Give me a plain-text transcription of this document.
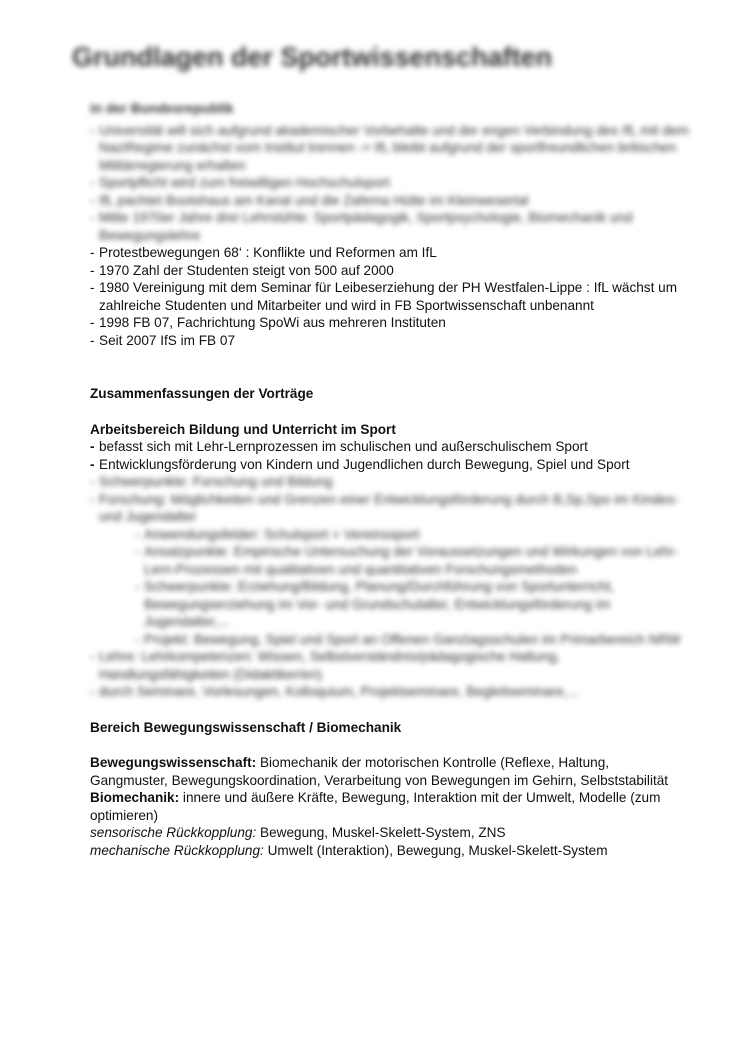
Grundlagen der Sportwissenschaften
in der Bundesrepublik
- Universität will sich aufgrund akademischer Vorbehalte und der engen Verbindung des IfL mit dem NaziRegime zunächst vom Institut trennen -> IfL bleibt aufgrund der sportfreundlichen britischen Militärregierung erhalten
- Sportpflicht wird zum freiwilligen Hochschulsport
- IfL pachtet Bootshaus am Kanal und die Zafema Hütte im Kleinwesertal
- Mitte 1970er Jahre drei Lehrstühle: Sportpädagogik, Sportpsychologie, Biomechanik und Bewegungslehre
- Protestbewegungen 68‘ : Konflikte und Reformen am IfL
- 1970 Zahl der Studenten steigt von 500 auf 2000
- 1980 Vereinigung mit dem Seminar für Leibeserziehung der PH Westfalen-Lippe : IfL wächst um zahlreiche Studenten und Mitarbeiter und wird in FB Sportwissenschaft unbenannt
- 1998 FB 07, Fachrichtung SpoWi aus mehreren Instituten
- Seit 2007 IfS im FB 07
Zusammenfassungen der Vorträge
Arbeitsbereich Bildung und Unterricht im Sport
- befasst sich mit Lehr-Lernprozessen im schulischen und außerschulischem Sport
- Entwicklungsförderung von Kindern und Jugendlichen durch Bewegung, Spiel und Sport
- Schwerpunkte: Forschung und Bildung
- Forschung: Möglichkeiten und Grenzen einer Entwicklungsförderung durch B,Sp,Spo im Kindes- und Jugendalter
- Anwendungsfelder: Schulsport + Vereinssport
- Ansatzpunkte: Empirische Untersuchung der Voraussetzungen und Wirkungen von Lehr-Lern-Prozessen mit qualitativen und quantitativen Forschungsmethoden
- Schwerpunkte: Erziehung/Bildung, Planung/Durchführung von Sportunterricht, Bewegungserziehung im Vor- und Grundschulalter, Entwicklungsförderung im Jugendalter,...
- Projekt: Bewegung, Spiel und Sport an Offenen Ganztagsschulen im Primarbereich NRW
- Lehre: Lehrkompetenzen: Wissen, Selbstverständnis/pädagogische Haltung, Handlungsfähigkeiten (Didaktiker/en)
- durch Seminare, Vorlesungen, Kolloquium, Projektseminare, Begleitseminare,...
Bereich Bewegungswissenschaft / Biomechanik
Bewegungswissenschaft: Biomechanik der motorischen Kontrolle (Reflexe, Haltung, Gangmuster, Bewegungskoordination, Verarbeitung von Bewegungen im Gehirn, Selbststabilität
Biomechanik: innere und äußere Kräfte, Bewegung, Interaktion mit der Umwelt, Modelle (zum optimieren)
sensorische Rückkopplung: Bewegung, Muskel-Skelett-System, ZNS
mechanische Rückkopplung: Umwelt (Interaktion), Bewegung, Muskel-Skelett-System
